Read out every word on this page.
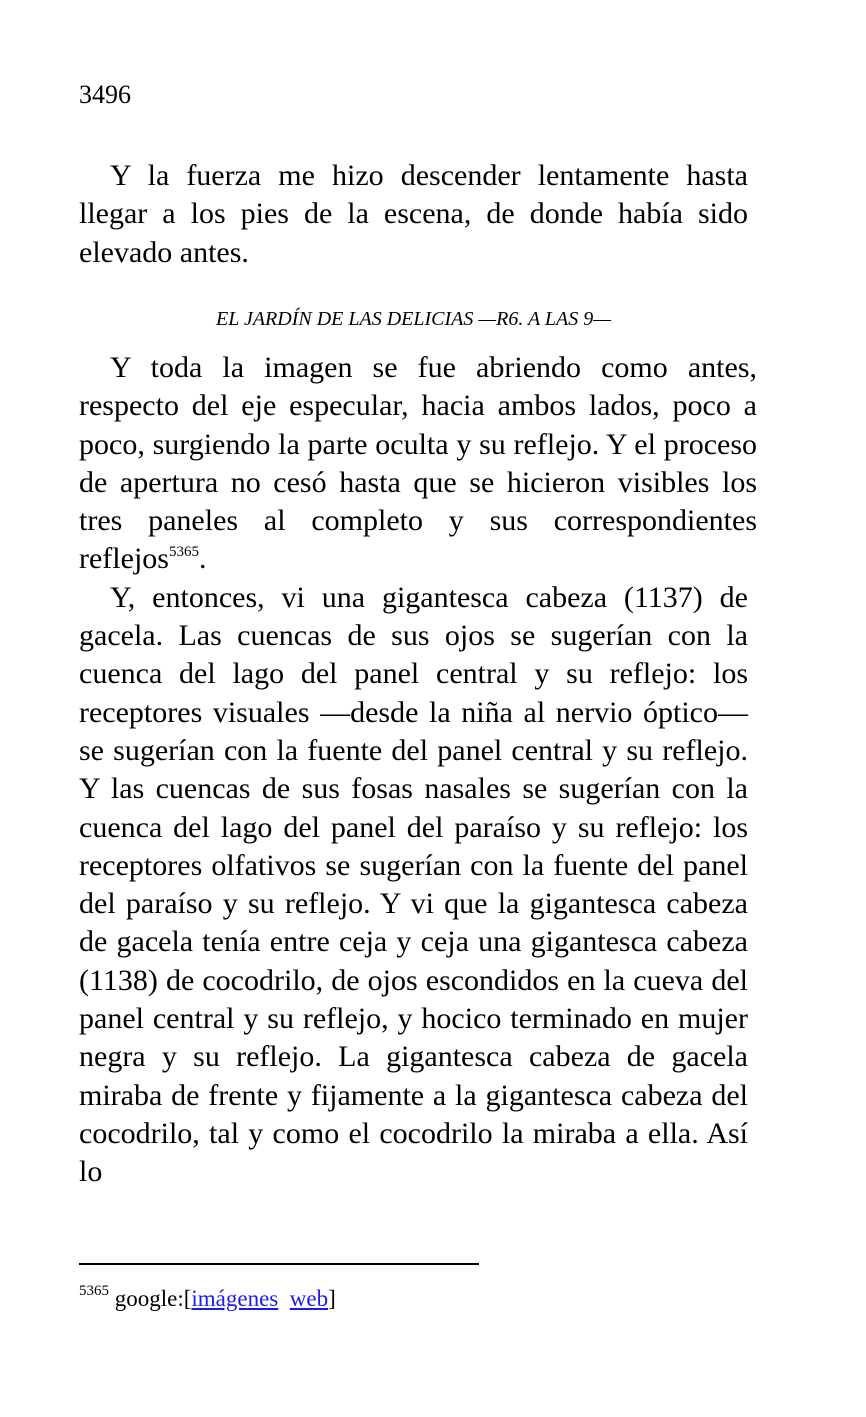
3496

Y la fuerza me hizo descender lentamente hasta llegar a los pies de la escena, de donde había sido elevado antes.

EL JARDÍN DE LAS DELICIAS —R6. A LAS 9—

Y toda la imagen se fue abriendo como antes, respecto del eje especular, hacia ambos lados, poco a poco, surgiendo la parte oculta y su reflejo. Y el proceso de apertura no cesó hasta que se hicieron visibles los tres paneles al completo y sus correspondientes reflejos$^{5365}$.

Y, entonces, vi una gigantesca cabeza (1137) de gacela. Las cuencas de sus ojos se sugerían con la cuenca del lago del panel central y su reflejo: los receptores visuales —desde la niña al nervio óptico— se sugerían con la fuente del panel central y su reflejo. Y las cuencas de sus fosas nasales se sugerían con la cuenca del lago del panel del paraíso y su reflejo: los receptores olfativos se sugerían con la fuente del panel del paraíso y su reflejo. Y vi que la gigantesca cabeza de gacela tenía entre ceja y ceja una gigantesca cabeza (1138) de cocodrilo, de ojos escondidos en la cueva del panel central y su reflejo, y hocico terminado en mujer negra y su reflejo. La gigantesca cabeza de gacela miraba de frente y fijamente a la gigantesca cabeza del cocodrilo, tal y como el cocodrilo la miraba a ella. Así lo

$^{5365}$ google:[imágenes web]
